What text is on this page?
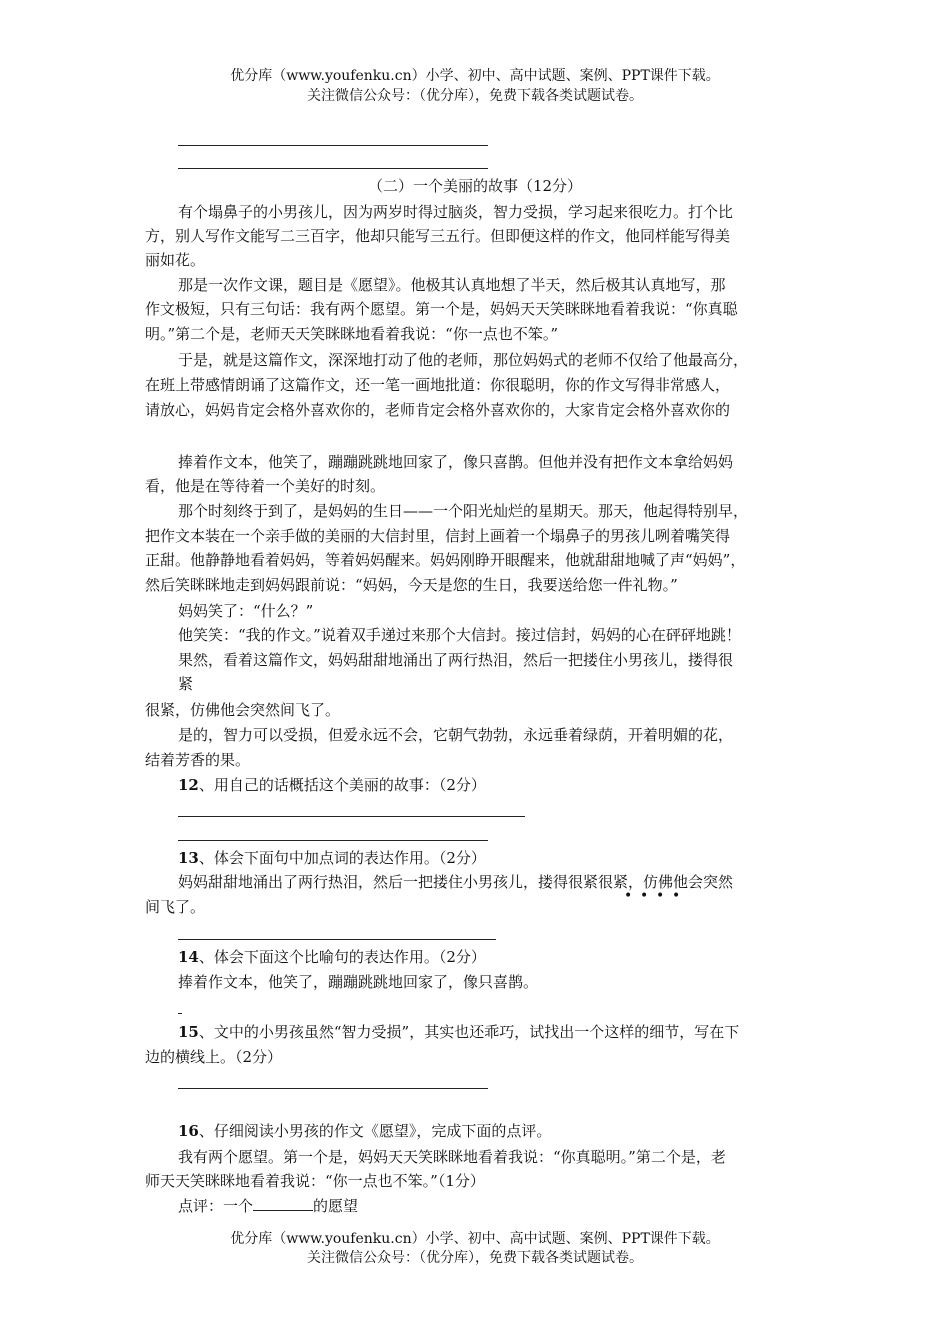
优分库（www.youfenku.cn）小学、初中、高中试题、案例、PPT课件下载。
关注微信公众号：（优分库），免费下载各类试题试卷。
（二）一个美丽的故事（12分）
有个塌鼻子的小男孩儿，因为两岁时得过脑炎，智力受损，学习起来很吃力。打个比
方，别人写作文能写二三百字，他却只能写三五行。但即便这样的作文，他同样能写得美
丽如花。
那是一次作文课，题目是《愿望》。他极其认真地想了半天，然后极其认真地写，那
作文极短，只有三句话：我有两个愿望。第一个是，妈妈天天笑眯眯地看着我说：“你真聪
明。”第二个是，老师天天笑眯眯地看着我说：“你一点也不笨。”
于是，就是这篇作文，深深地打动了他的老师，那位妈妈式的老师不仅给了他最高分，
在班上带感情朗诵了这篇作文，还一笔一画地批道：你很聪明，你的作文写得非常感人，
请放心，妈妈肯定会格外喜欢你的，老师肯定会格外喜欢你的，大家肯定会格外喜欢你的
捧着作文本，他笑了，蹦蹦跳跳地回家了，像只喜鹊。但他并没有把作文本拿给妈妈
看，他是在等待着一个美好的时刻。
那个时刻终于到了，是妈妈的生日——一个阳光灿烂的星期天。那天，他起得特别早，
把作文本装在一个亲手做的美丽的大信封里，信封上画着一个塌鼻子的男孩儿咧着嘴笑得
正甜。他静静地看着妈妈，等着妈妈醒来。妈妈刚睁开眼醒来，他就甜甜地喊了声“妈妈”，
然后笑眯眯地走到妈妈跟前说：“妈妈，今天是您的生日，我要送给您一件礼物。”
妈妈笑了：“什么？”
他笑笑：“我的作文。”说着双手递过来那个大信封。接过信封，妈妈的心在砰砰地跳！
果然，看着这篇作文，妈妈甜甜地涌出了两行热泪，然后一把搂住小男孩儿，搂得很
紧
很紧，仿佛他会突然间飞了。
是的，智力可以受损，但爱永远不会，它朝气勃勃，永远垂着绿荫，开着明媚的花，
结着芳香的果。
12、用自己的话概括这个美丽的故事：（2分）
13、体会下面句中加点词的表达作用。（2分）
妈妈甜甜地涌出了两行热泪，然后一把搂住小男孩儿，搂得很紧很紧，仿佛他会突然
• • • •
间飞了。
14、体会下面这个比喻句的表达作用。（2分）
捧着作文本，他笑了，蹦蹦跳跳地回家了，像只喜鹊。
15、文中的小男孩虽然“智力受损”，其实也还乖巧，试找出一个这样的细节，写在下
边的横线上。（2分）
16、仔细阅读小男孩的作文《愿望》，完成下面的点评。
我有两个愿望。第一个是，妈妈天天笑眯眯地看着我说：“你真聪明。”第二个是，老
师天天笑眯眯地看着我说：“你一点也不笨。”（1分）
点评：一个	的愿望
优分库（www.youfenku.cn）小学、初中、高中试题、案例、PPT课件下载。
关注微信公众号：（优分库），免费下载各类试题试卷。
